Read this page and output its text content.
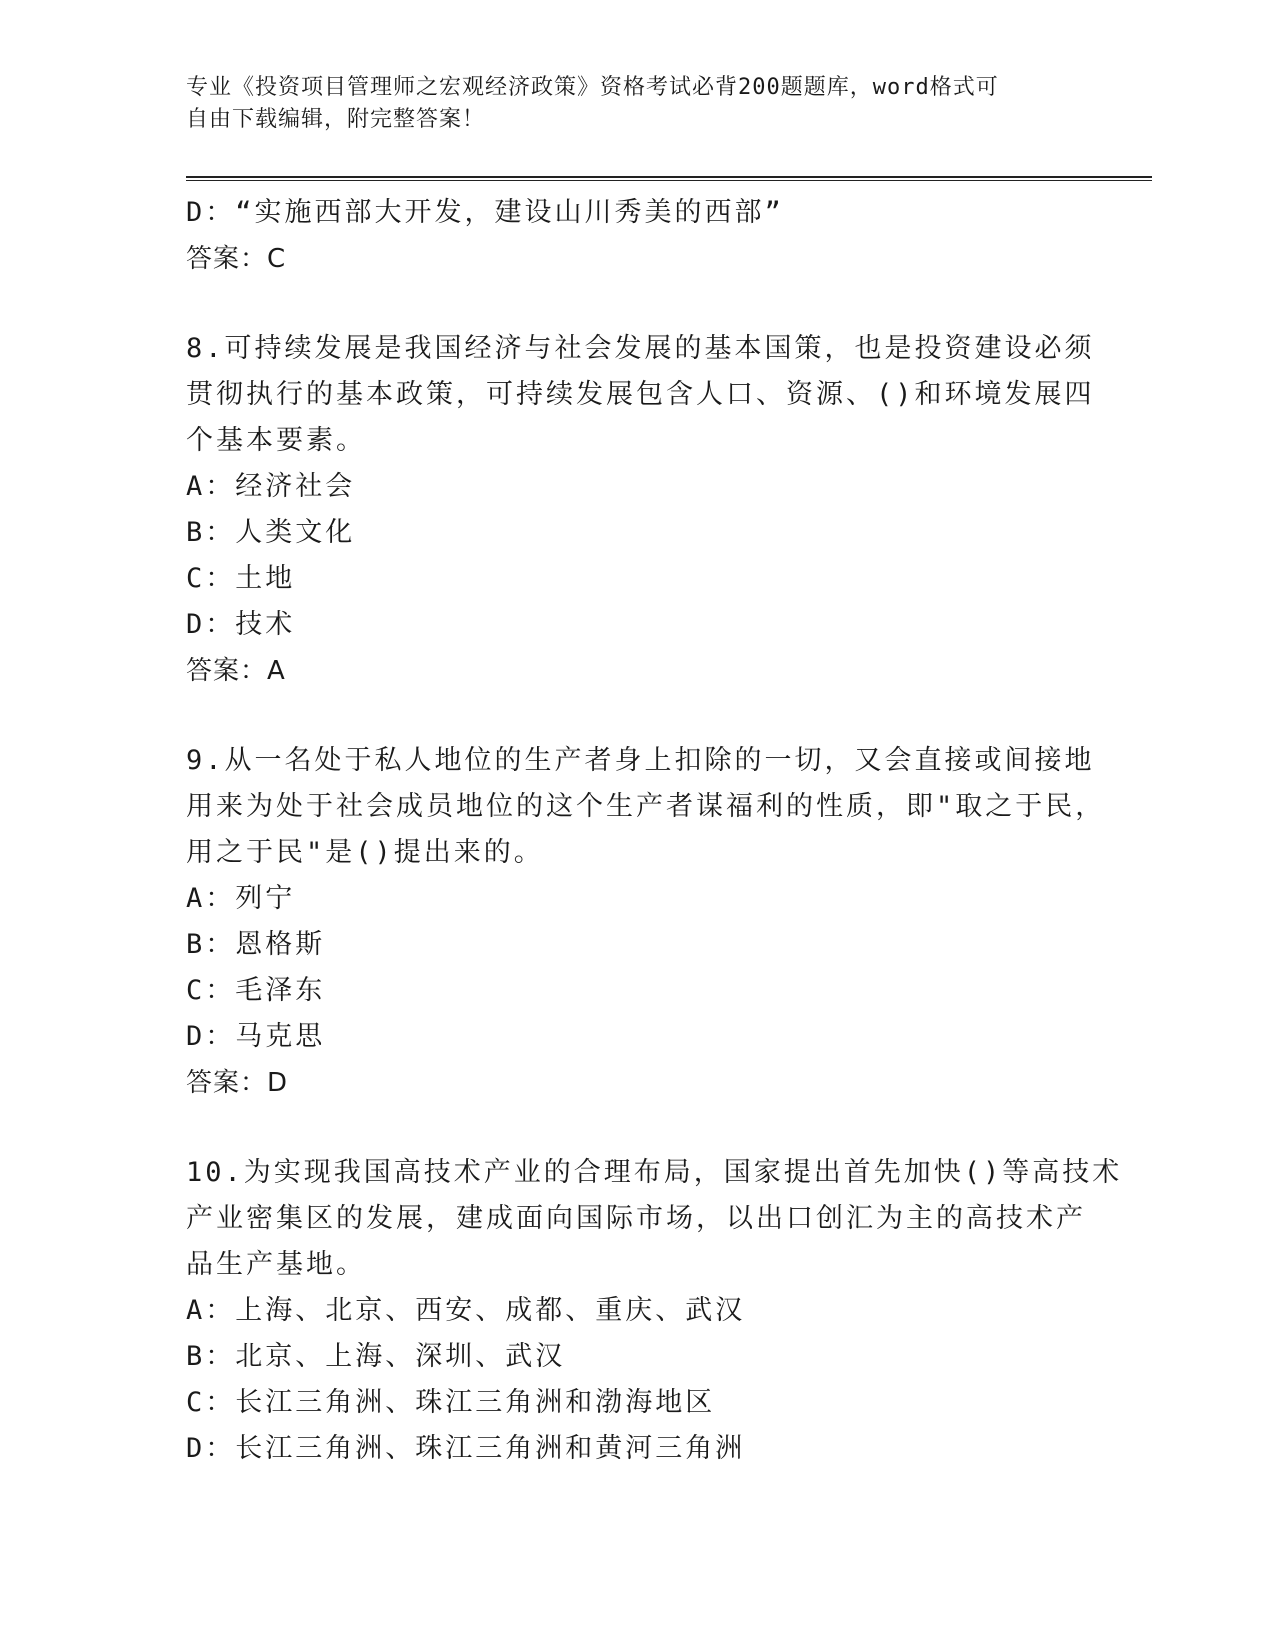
专业《投资项目管理师之宏观经济政策》资格考试必背200题题库，word格式可
自由下载编辑，附完整答案！
D：“实施西部大开发，建设山川秀美的西部”
答案：C
8.可持续发展是我国经济与社会发展的基本国策，也是投资建设必须
贯彻执行的基本政策，可持续发展包含人口、资源、()和环境发展四
个基本要素。
A：经济社会
B：人类文化
C：土地
D：技术
答案：A
9.从一名处于私人地位的生产者身上扣除的一切，又会直接或间接地
用来为处于社会成员地位的这个生产者谋福利的性质，即"取之于民，
用之于民"是()提出来的。
A：列宁
B：恩格斯
C：毛泽东
D：马克思
答案：D
10.为实现我国高技术产业的合理布局，国家提出首先加快()等高技术
产业密集区的发展，建成面向国际市场，以出口创汇为主的高技术产
品生产基地。
A：上海、北京、西安、成都、重庆、武汉
B：北京、上海、深圳、武汉
C：长江三角洲、珠江三角洲和渤海地区
D：长江三角洲、珠江三角洲和黄河三角洲
